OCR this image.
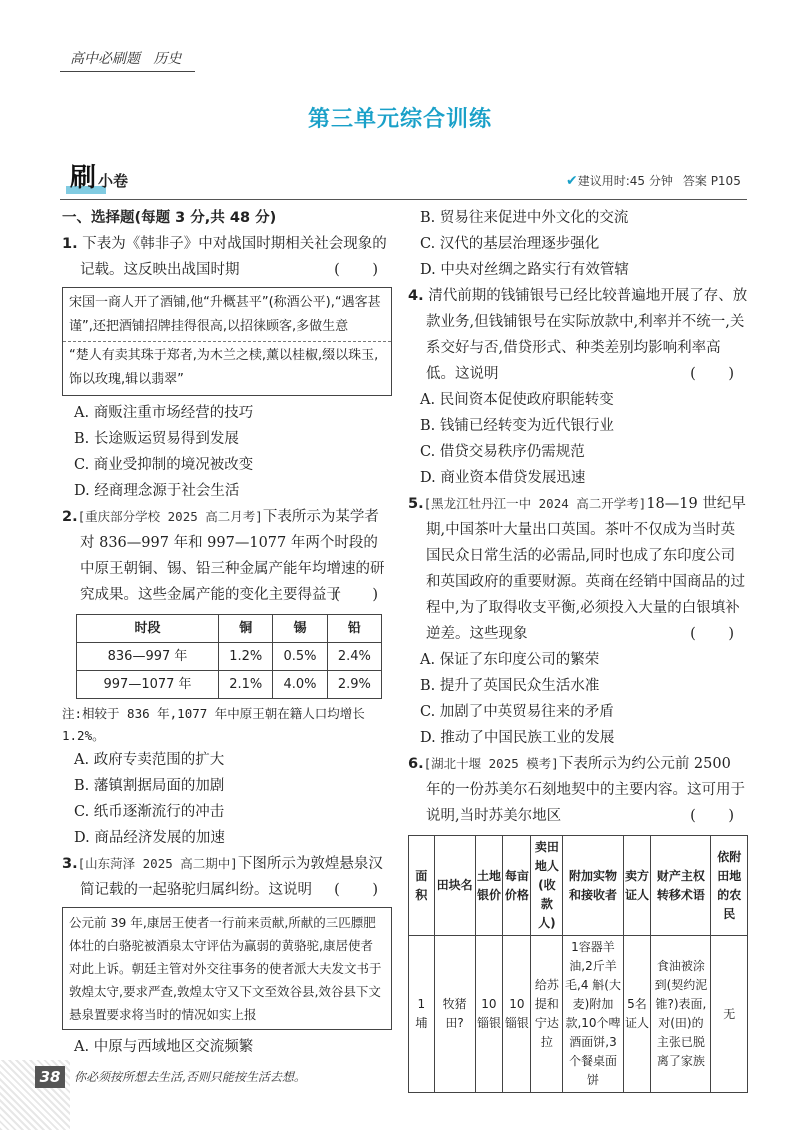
高中必刷题 历史
第三单元综合训练
刷 小卷	✔建议用时:45 分钟 答案 P105
一、选择题(每题 3 分,共 48 分)
1. 下表为《韩非子》中对战国时期相关社会现象的记载。这反映出战国时期	( )
宋国一商人开了酒铺,他“升概甚平”(称酒公平),“遇客甚谨”,还把酒铺招牌挂得很高,以招徕顾客,多做生意
“楚人有卖其珠于郑者,为木兰之椟,薰以桂椒,缀以珠玉,饰以玫瑰,辑以翡翠”
A. 商贩注重市场经营的技巧
B. 长途贩运贸易得到发展
C. 商业受抑制的境况被改变
D. 经商理念源于社会生活
2.[重庆部分学校 2025 高二月考]下表所示为某学者对 836—997 年和 997—1077 年两个时段的中原王朝铜、锡、铅三种金属产能年均增速的研究成果。这些金属产能的变化主要得益于
( )
时段	铜	锡	铅
836—997 年	1.2%	0.5%	2.4%
997—1077 年	2.1%	4.0%	2.9%
注:相较于 836 年,1077 年中原王朝在籍人口均增长 1.2%。
A. 政府专卖范围的扩大
B. 藩镇割据局面的加剧
C. 纸币逐渐流行的冲击
D. 商品经济发展的加速
3.[山东菏泽 2025 高二期中]下图所示为敦煌悬泉汉简记载的一起骆驼归属纠纷。这说明 ( )
公元前 39 年,康居王使者一行前来贡献,所献的三匹膘肥体壮的白骆驼被酒泉太守评估为赢弱的黄骆驼,康居使者对此上诉。朝廷主管对外交往事务的使者派大夫发文书于敦煌太守,要求严查,敦煌太守又下文至效谷县,效谷县下文悬泉置要求将当时的情况如实上报
A. 中原与西域地区交流频繁
B. 贸易往来促进中外文化的交流
C. 汉代的基层治理逐步强化
D. 中央对丝绸之路实行有效管辖
4. 清代前期的钱铺银号已经比较普遍地开展了存、放款业务,但钱铺银号在实际放款中,利率并不统一,关系交好与否,借贷形式、种类差别均影响利率高低。这说明	( )
A. 民间资本促使政府职能转变
B. 钱铺已经转变为近代银行业
C. 借贷交易秩序仍需规范
D. 商业资本借贷发展迅速
5.[黑龙江牡丹江一中 2024 高二开学考]18—19 世纪早期,中国茶叶大量出口英国。茶叶不仅成为当时英国民众日常生活的必需品,同时也成了东印度公司和英国政府的重要财源。英商在经销中国商品的过程中,为了取得收支平衡,必须投入大量的白银填补逆差。这些现象	( )
A. 保证了东印度公司的繁荣
B. 提升了英国民众生活水准
C. 加剧了中英贸易往来的矛盾
D. 推动了中国民族工业的发展
6.[湖北十堰 2025 模考]下表所示为约公元前 2500 年的一份苏美尔石刻地契中的主要内容。这可用于说明,当时苏美尔地区	( )
面积	田块名	土地银价	每亩价格	卖田地人(收款人)	附加实物和接收者	卖方证人	财产主权转移术语	依附田地的农民
1 埔	牧猪田?	10 锱银	10 锱银	给苏提和宁达拉	1容器羊油,2斤羊毛,4 斛(大麦)附加款,10个啤酒面饼,3个餐桌面饼	5名证人	食油被涂到(契约泥锥?)表面,对(田)的主张已脱离了家族	无
38	你必须按所想去生活,否则只能按生活去想。
